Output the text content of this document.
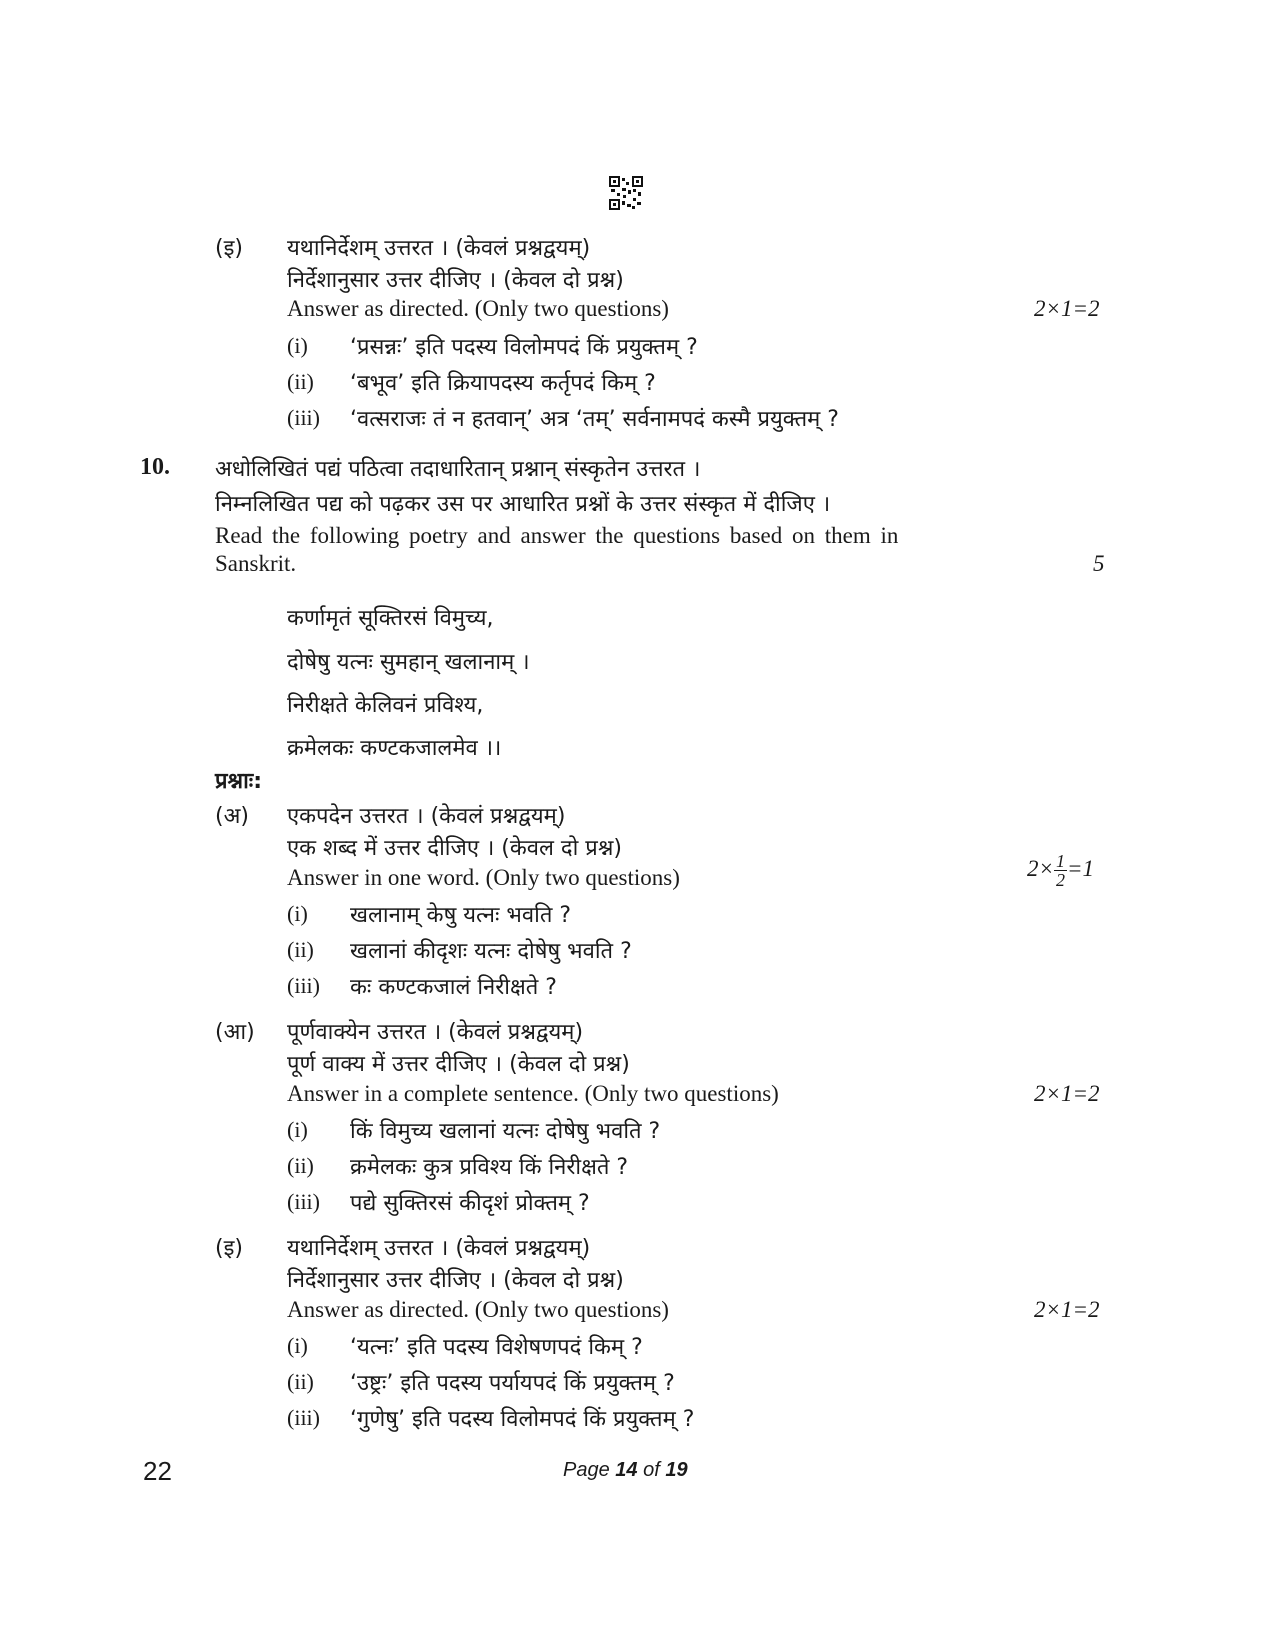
(इ) यथानिर्देशम् उत्तरत । (केवलं प्रश्नद्वयम्)
निर्देशानुसार उत्तर दीजिए । (केवल दो प्रश्न)
Answer as directed. (Only two questions)	2×1=2
(i) ‘प्रसन्नः’ इति पदस्य विलोमपदं किं प्रयुक्तम् ?
(ii) ‘बभूव’ इति क्रियापदस्य कर्तृपदं किम् ?
(iii) ‘वत्सराजः तं न हतवान्’ अत्र ‘तम्’ सर्वनामपदं कस्मै प्रयुक्तम् ?
10. अधोलिखितं पद्यं पठित्वा तदाधारितान् प्रश्नान् संस्कृतेन उत्तरत ।
निम्नलिखित पद्य को पढ़कर उस पर आधारित प्रश्नों के उत्तर संस्कृत में दीजिए ।
Read the following poetry and answer the questions based on them in
Sanskrit.	5
कर्णामृतं सूक्तिरसं विमुच्य,
दोषेषु यत्नः सुमहान् खलानाम् ।
निरीक्षते केलिवनं प्रविश्य,
क्रमेलकः कण्टकजालमेव ।।
प्रश्नाः:
(अ) एकपदेन उत्तरत । (केवलं प्रश्नद्वयम्)
एक शब्द में उत्तर दीजिए । (केवल दो प्रश्न)
Answer in one word. (Only two questions)	$2\times \frac{1}{2} =1$
(i) खलानाम् केषु यत्नः भवति ?
(ii) खलानां कीदृशः यत्नः दोषेषु भवति ?
(iii) कः कण्टकजालं निरीक्षते ?
(आ) पूर्णवाक्येन उत्तरत । (केवलं प्रश्नद्वयम्)
पूर्ण वाक्य में उत्तर दीजिए । (केवल दो प्रश्न)
Answer in a complete sentence. (Only two questions)	2×1=2
(i) किं विमुच्य खलानां यत्नः दोषेषु भवति ?
(ii) क्रमेलकः कुत्र प्रविश्य किं निरीक्षते ?
(iii) पद्ये सुक्तिरसं कीदृशं प्रोक्तम् ?
(इ) यथानिर्देशम् उत्तरत । (केवलं प्रश्नद्वयम्)
निर्देशानुसार उत्तर दीजिए । (केवल दो प्रश्न)
Answer as directed. (Only two questions)	2×1=2
(i) ‘यत्नः’ इति पदस्य विशेषणपदं किम् ?
(ii) ‘उष्ट्रः’ इति पदस्य पर्यायपदं किं प्रयुक्तम् ?
(iii) ‘गुणेषु’ इति पदस्य विलोमपदं किं प्रयुक्तम् ?
22	Page 14 of 19
